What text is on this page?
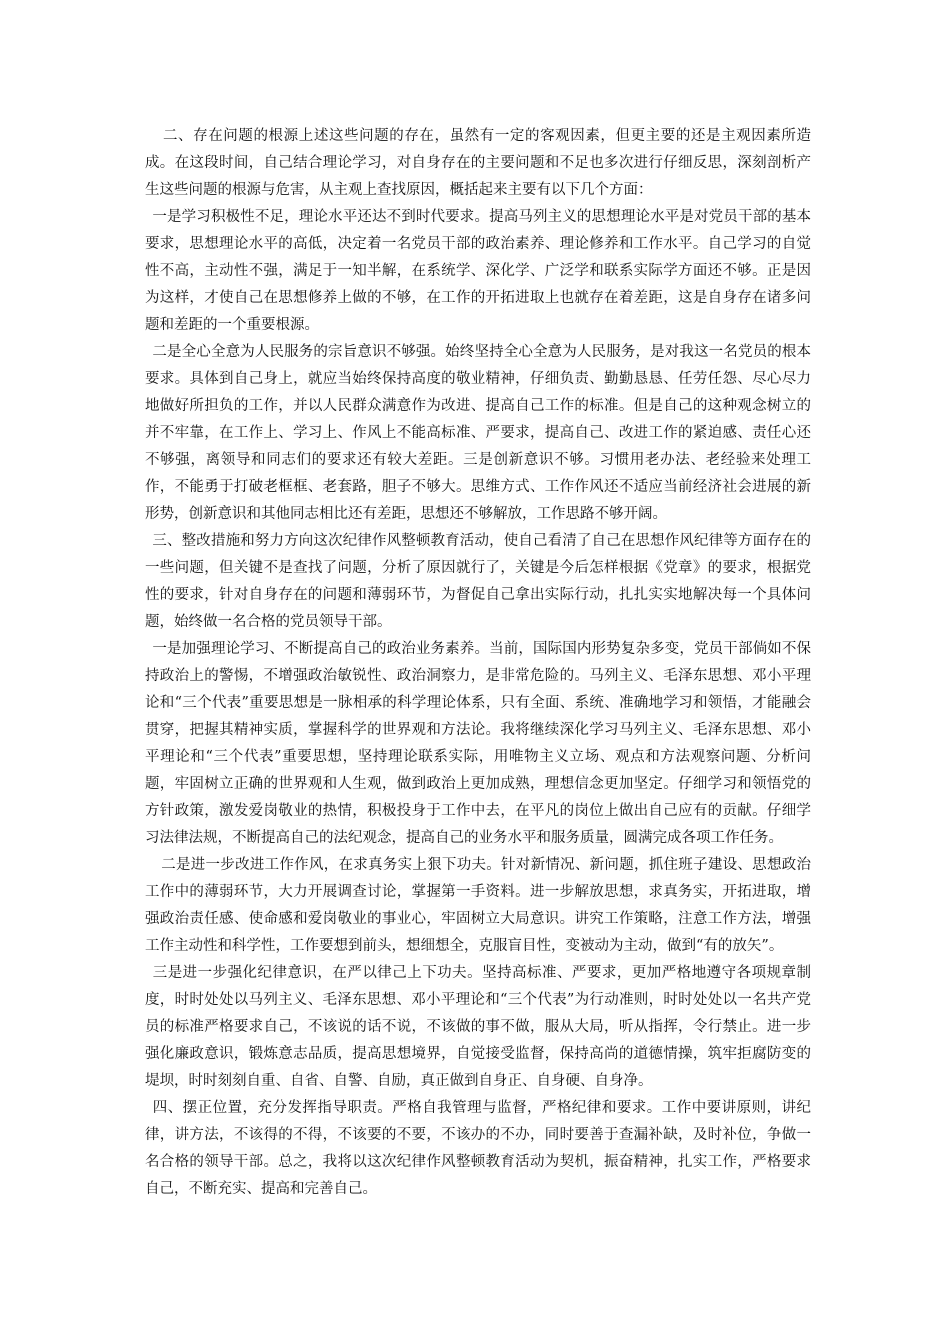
二、存在问题的根源上述这些问题的存在，虽然有一定的客观因素，但更主要的还是主观因素所造成。在这段时间，自己结合理论学习，对自身存在的主要问题和不足也多次进行仔细反思，深刻剖析产生这些问题的根源与危害，从主观上查找原因，概括起来主要有以下几个方面：

一是学习积极性不足，理论水平还达不到时代要求。提高马列主义的思想理论水平是对党员干部的基本要求，思想理论水平的高低，决定着一名党员干部的政治素养、理论修养和工作水平。自己学习的自觉性不高，主动性不强，满足于一知半解，在系统学、深化学、广泛学和联系实际学方面还不够。正是因为这样，才使自己在思想修养上做的不够，在工作的开拓进取上也就存在着差距，这是自身存在诸多问题和差距的一个重要根源。

二是全心全意为人民服务的宗旨意识不够强。始终坚持全心全意为人民服务，是对我这一名党员的根本要求。具体到自己身上，就应当始终保持高度的敬业精神，仔细负责、勤勤恳恳、任劳任怨、尽心尽力地做好所担负的工作，并以人民群众满意作为改进、提高自己工作的标准。但是自己的这种观念树立的并不牢靠，在工作上、学习上、作风上不能高标准、严要求，提高自己、改进工作的紧迫感、责任心还不够强，离领导和同志们的要求还有较大差距。三是创新意识不够。习惯用老办法、老经验来处理工作，不能勇于打破老框框、老套路，胆子不够大。思维方式、工作作风还不适应当前经济社会进展的新形势，创新意识和其他同志相比还有差距，思想还不够解放，工作思路不够开阔。

三、整改措施和努力方向这次纪律作风整顿教育活动，使自己看清了自己在思想作风纪律等方面存在的一些问题，但关键不是查找了问题，分析了原因就行了，关键是今后怎样根据《党章》的要求，根据党性的要求，针对自身存在的问题和薄弱环节，为督促自己拿出实际行动，扎扎实实地解决每一个具体问题，始终做一名合格的党员领导干部。

一是加强理论学习、不断提高自己的政治业务素养。当前，国际国内形势复杂多变，党员干部倘如不保持政治上的警惕，不增强政治敏锐性、政治洞察力，是非常危险的。马列主义、毛泽东思想、邓小平理论和“三个代表”重要思想是一脉相承的科学理论体系，只有全面、系统、准确地学习和领悟，才能融会贯穿，把握其精神实质，掌握科学的世界观和方法论。我将继续深化学习马列主义、毛泽东思想、邓小平理论和“三个代表”重要思想，坚持理论联系实际，用唯物主义立场、观点和方法观察问题、分析问题，牢固树立正确的世界观和人生观，做到政治上更加成熟，理想信念更加坚定。仔细学习和领悟党的方针政策，激发爱岗敬业的热情，积极投身于工作中去，在平凡的岗位上做出自己应有的贡献。仔细学习法律法规，不断提高自己的法纪观念，提高自己的业务水平和服务质量，圆满完成各项工作任务。

二是进一步改进工作作风，在求真务实上狠下功夫。针对新情况、新问题，抓住班子建设、思想政治工作中的薄弱环节，大力开展调查讨论，掌握第一手资料。进一步解放思想，求真务实，开拓进取，增强政治责任感、使命感和爱岗敬业的事业心，牢固树立大局意识。讲究工作策略，注意工作方法，增强工作主动性和科学性，工作要想到前头，想细想全，克服盲目性，变被动为主动，做到“有的放矢”。

三是进一步强化纪律意识，在严以律己上下功夫。坚持高标准、严要求，更加严格地遵守各项规章制度，时时处处以马列主义、毛泽东思想、邓小平理论和“三个代表”为行动准则，时时处处以一名共产党员的标准严格要求自己，不该说的话不说，不该做的事不做，服从大局，听从指挥，令行禁止。进一步强化廉政意识，锻炼意志品质，提高思想境界，自觉接受监督，保持高尚的道德情操，筑牢拒腐防变的堤坝，时时刻刻自重、自省、自警、自励，真正做到自身正、自身硬、自身净。

四、摆正位置，充分发挥指导职责。严格自我管理与监督，严格纪律和要求。工作中要讲原则，讲纪律，讲方法，不该得的不得，不该要的不要，不该办的不办，同时要善于查漏补缺，及时补位，争做一名合格的领导干部。总之，我将以这次纪律作风整顿教育活动为契机，振奋精神，扎实工作，严格要求自己，不断充实、提高和完善自己。
